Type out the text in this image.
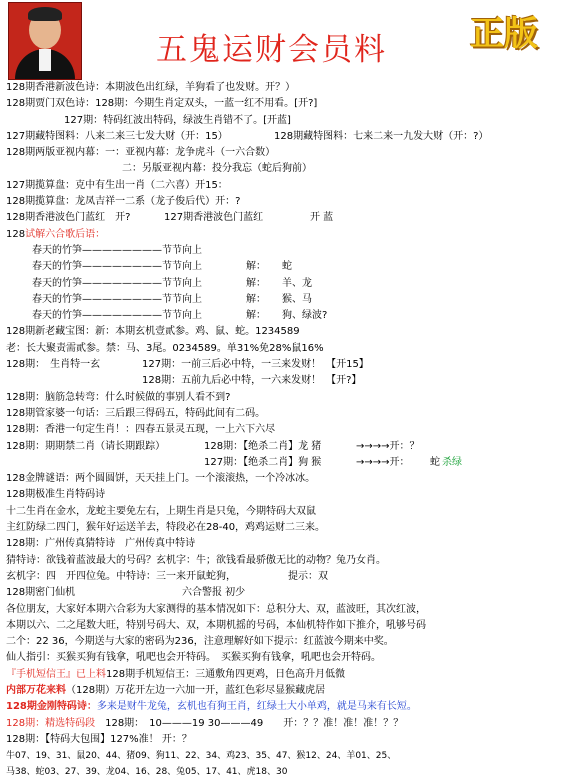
五鬼运财会员料 正版
128期香港新波色诗：本期波色出红绿，羊狗看了也发财。开？）
128期贾门双色诗：128期：今期生肖定双头，一蓝一红不用看。[开?]
127期：特码红波出特码，绿波生肖错不了。[开蓝]
127期藏特图料：八来二来三七发大财（开：15）	128期藏特图料：七来二来一九发大财（开：?）
128期两版亚视内幕：一：亚视内幕：龙争虎斗（一六合数）
二：另版亚视内幕：投分我忘（蛇后狗前）
127期揽算盘：克中有生出一肖（二六喜）开15：
128期揽算盘：龙凤吉祥一二系（龙子俊后代）开：?
128期香港波色门蓝红　开?	127期香港波色门蓝红	开 蓝
128试解六合歌后语：
春天的竹笋————————节节向上
春天的竹笋————————节节向上	解： 蛇
春天的竹笋————————节节向上	解： 羊、龙
春天的竹笋————————节节向上	解： 猴、马
春天的竹笋————————节节向上	解： 狗、绿波?
128期新老藏宝图：新：本期玄机壹貳参。鸡、鼠、蛇。1234589
老：长大聚责需貳参。禁：马、3尾。0234589。单31%免28%鼠16%
128期：　生肖特一玄	127期：一前三后必中特，一三来发财！　【开15】
128期：五前九后必中特，一六来发财！　【开?】
128期：脑筋急转弯：什么时候做的事别人看不到?
128期管家婆一句话：三后跟三得码五，特码此间有二码。
128期：香港一句定生肖！：四春五景灵五现，一上六下六尽
128期：期期禁二肖（请长期跟踪）	128期：【绝杀二肖】龙 猪	→→→→开：？
127期：【绝杀二肖】狗 猴	→→→→开： 蛇 杀绿
128金牌谜语：两个圆圆饼，天天挂上门。一个滚滚热，一个冷冰冰。
128期极准生肖特码诗
十二生肖在金水，龙蛇主要免左右，上期生肖是只兔，今期特码大双鼠
主红防绿二四门，猴年好运送羊去，特段必在28-40，鸡鸡运财二三来。
128期：广州传真猜特诗　广州传真中特诗
猜特诗：欲钱着蓝波最大的号码？玄机字：牛；欲钱看最骄傲无比的动物？兔乃女肖。
玄机字：四　开四位兔。中特诗：三一来开鼠蛇狗，	提示：双
128期密门仙机	六合警报 初少
各位朋友，大家好本期六合彩为大家测得的基本情况如下：总积分大、双，蓝波旺，其次红波，
本期以六、二之尾数大旺，特别号码大、双，本期机摇的号码，本仙机特作如下推介，吼够号码
二个：22 36，今期送与大家的密码为236，注意理解好如下提示：红蓝波今期来中奖。
仙人指引：买猴买狗有钱拿，吼吧也会开特码。　买猴买狗有钱拿，吼吧也会开特码。
『手机短信王』已上料128期手机短信王：三通敷角四更鸡，日色高升月低微
内部万花来料（128期）万花开左边一六加一开，蓝红色彩尽显猴藏虎居
128期金刚特码诗：多来是财牛龙兔，玄机也有狗王肖，红绿土大小单鸡，就是马来有长短。
128期：精选特码段　 128期：　10———19 30———49　　开：？？准！准！准！？？
128期：【特码大包围】127%准！ 开：？
牛07、19、31、鼠20、44、猪09、狗11、22、34、鸡23、35、47、猴12、24、羊01、25、
马38、蛇03、27、39、龙04、16、28、兔05、17、41、虎18、30
